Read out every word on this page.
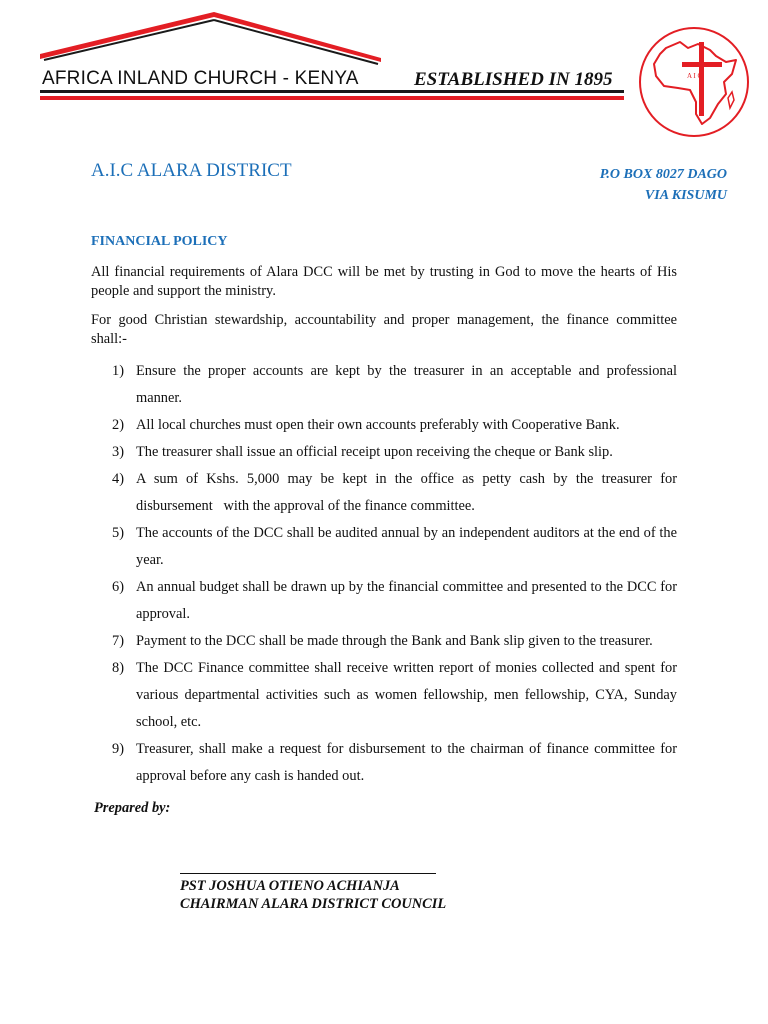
AFRICA INLAND CHURCH - KENYA	ESTABLISHED IN 1895	A I C
A.I.C ALARA DISTRICT	P.O BOX 8027 DAGO
VIA KISUMU
FINANCIAL POLICY

All financial requirements of Alara DCC will be met by trusting in God to move the hearts of His people and support the ministry.

For good Christian stewardship, accountability and proper management, the finance committee shall:-

1) Ensure the proper accounts are kept by the treasurer in an acceptable and professional manner.
2) All local churches must open their own accounts preferably with Cooperative Bank.
3) The treasurer shall issue an official receipt upon receiving the cheque or Bank slip.
4) A sum of Kshs. 5,000 may be kept in the office as petty cash by the treasurer for disbursement   with the approval of the finance committee.
5) The accounts of the DCC shall be audited annual by an independent auditors at the end of the year.
6) An annual budget shall be drawn up by the financial committee and presented to the DCC for approval.
7) Payment to the DCC shall be made through the Bank and Bank slip given to the treasurer.
8) The DCC Finance committee shall receive written report of monies collected and spent for various departmental activities such as women fellowship, men fellowship, CYA, Sunday school, etc.
9) Treasurer, shall make a request for disbursement to the chairman of finance committee for approval before any cash is handed out.
Prepared by:
PST JOSHUA OTIENO ACHIANJA
CHAIRMAN ALARA DISTRICT COUNCIL
